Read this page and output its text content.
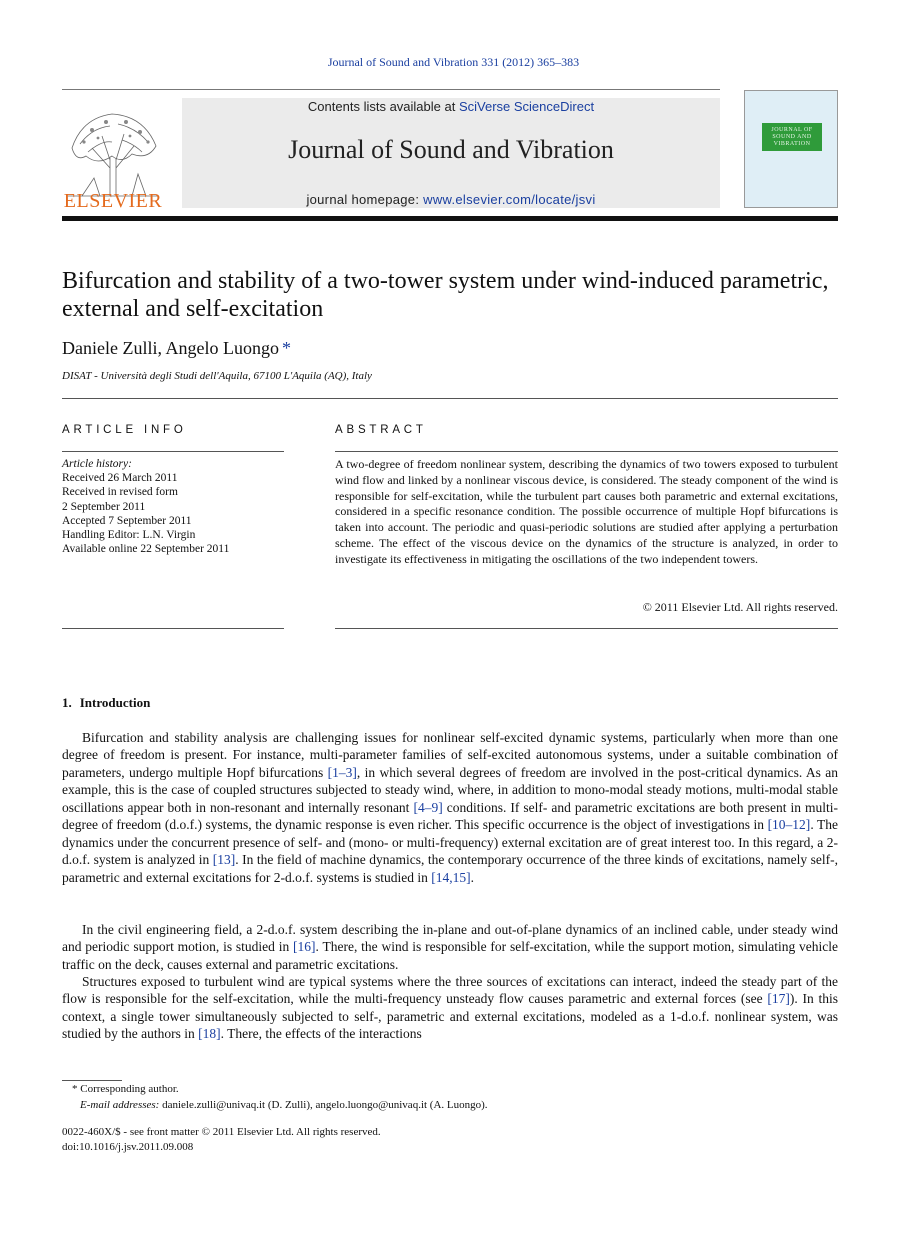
Journal of Sound and Vibration 331 (2012) 365–383
ELSEVIER
Contents lists available at SciVerse ScienceDirect
Journal of Sound and Vibration
journal homepage: www.elsevier.com/locate/jsvi
JOURNAL OF SOUND AND VIBRATION
Bifurcation and stability of a two-tower system under wind-induced parametric, external and self-excitation
Daniele Zulli, Angelo Luongo *
DISAT - Università degli Studi dell'Aquila, 67100 L'Aquila (AQ), Italy
ARTICLE INFO	ABSTRACT
Article history:
Received 26 March 2011
Received in revised form
2 September 2011
Accepted 7 September 2011
Handling Editor: L.N. Virgin
Available online 22 September 2011
A two-degree of freedom nonlinear system, describing the dynamics of two towers exposed to turbulent wind flow and linked by a nonlinear viscous device, is considered. The steady component of the wind is responsible for self-excitation, while the turbulent part causes both parametric and external excitations, considered in a specific resonance condition. The possible occurrence of multiple Hopf bifurcations is taken into account. The periodic and quasi-periodic solutions are studied after applying a perturbation scheme. The effect of the viscous device on the dynamics of the structure is analyzed, in order to investigate its effectiveness in mitigating the oscillations of the two independent towers.
© 2011 Elsevier Ltd. All rights reserved.
1. Introduction
Bifurcation and stability analysis are challenging issues for nonlinear self-excited dynamic systems, particularly when more than one degree of freedom is present. For instance, multi-parameter families of self-excited autonomous systems, under a suitable combination of parameters, undergo multiple Hopf bifurcations [1–3], in which several degrees of freedom are involved in the post-critical dynamics. As an example, this is the case of coupled structures subjected to steady wind, where, in addition to mono-modal steady motions, multi-modal stable oscillations appear both in non-resonant and internally resonant [4–9] conditions. If self- and parametric excitations are both present in multi-degree of freedom (d.o.f.) systems, the dynamic response is even richer. This specific occurrence is the object of investigations in [10–12]. The dynamics under the concurrent presence of self- and (mono- or multi-frequency) external excitation are of great interest too. In this regard, a 2-d.o.f. system is analyzed in [13]. In the field of machine dynamics, the contemporary occurrence of the three kinds of excitations, namely self-, parametric and external excitations for 2-d.o.f. systems is studied in [14,15].
In the civil engineering field, a 2-d.o.f. system describing the in-plane and out-of-plane dynamics of an inclined cable, under steady wind and periodic support motion, is studied in [16]. There, the wind is responsible for self-excitation, while the support motion, simulating vehicle traffic on the deck, causes external and parametric excitations.
Structures exposed to turbulent wind are typical systems where the three sources of excitations can interact, indeed the steady part of the flow is responsible for the self-excitation, while the multi-frequency unsteady flow causes parametric and external forces (see [17]). In this context, a single tower simultaneously subjected to self-, parametric and external excitations, modeled as a 1-d.o.f. nonlinear system, was studied by the authors in [18]. There, the effects of the interactions
* Corresponding author.
E-mail addresses: daniele.zulli@univaq.it (D. Zulli), angelo.luongo@univaq.it (A. Luongo).
0022-460X/$ - see front matter © 2011 Elsevier Ltd. All rights reserved.
doi:10.1016/j.jsv.2011.09.008
